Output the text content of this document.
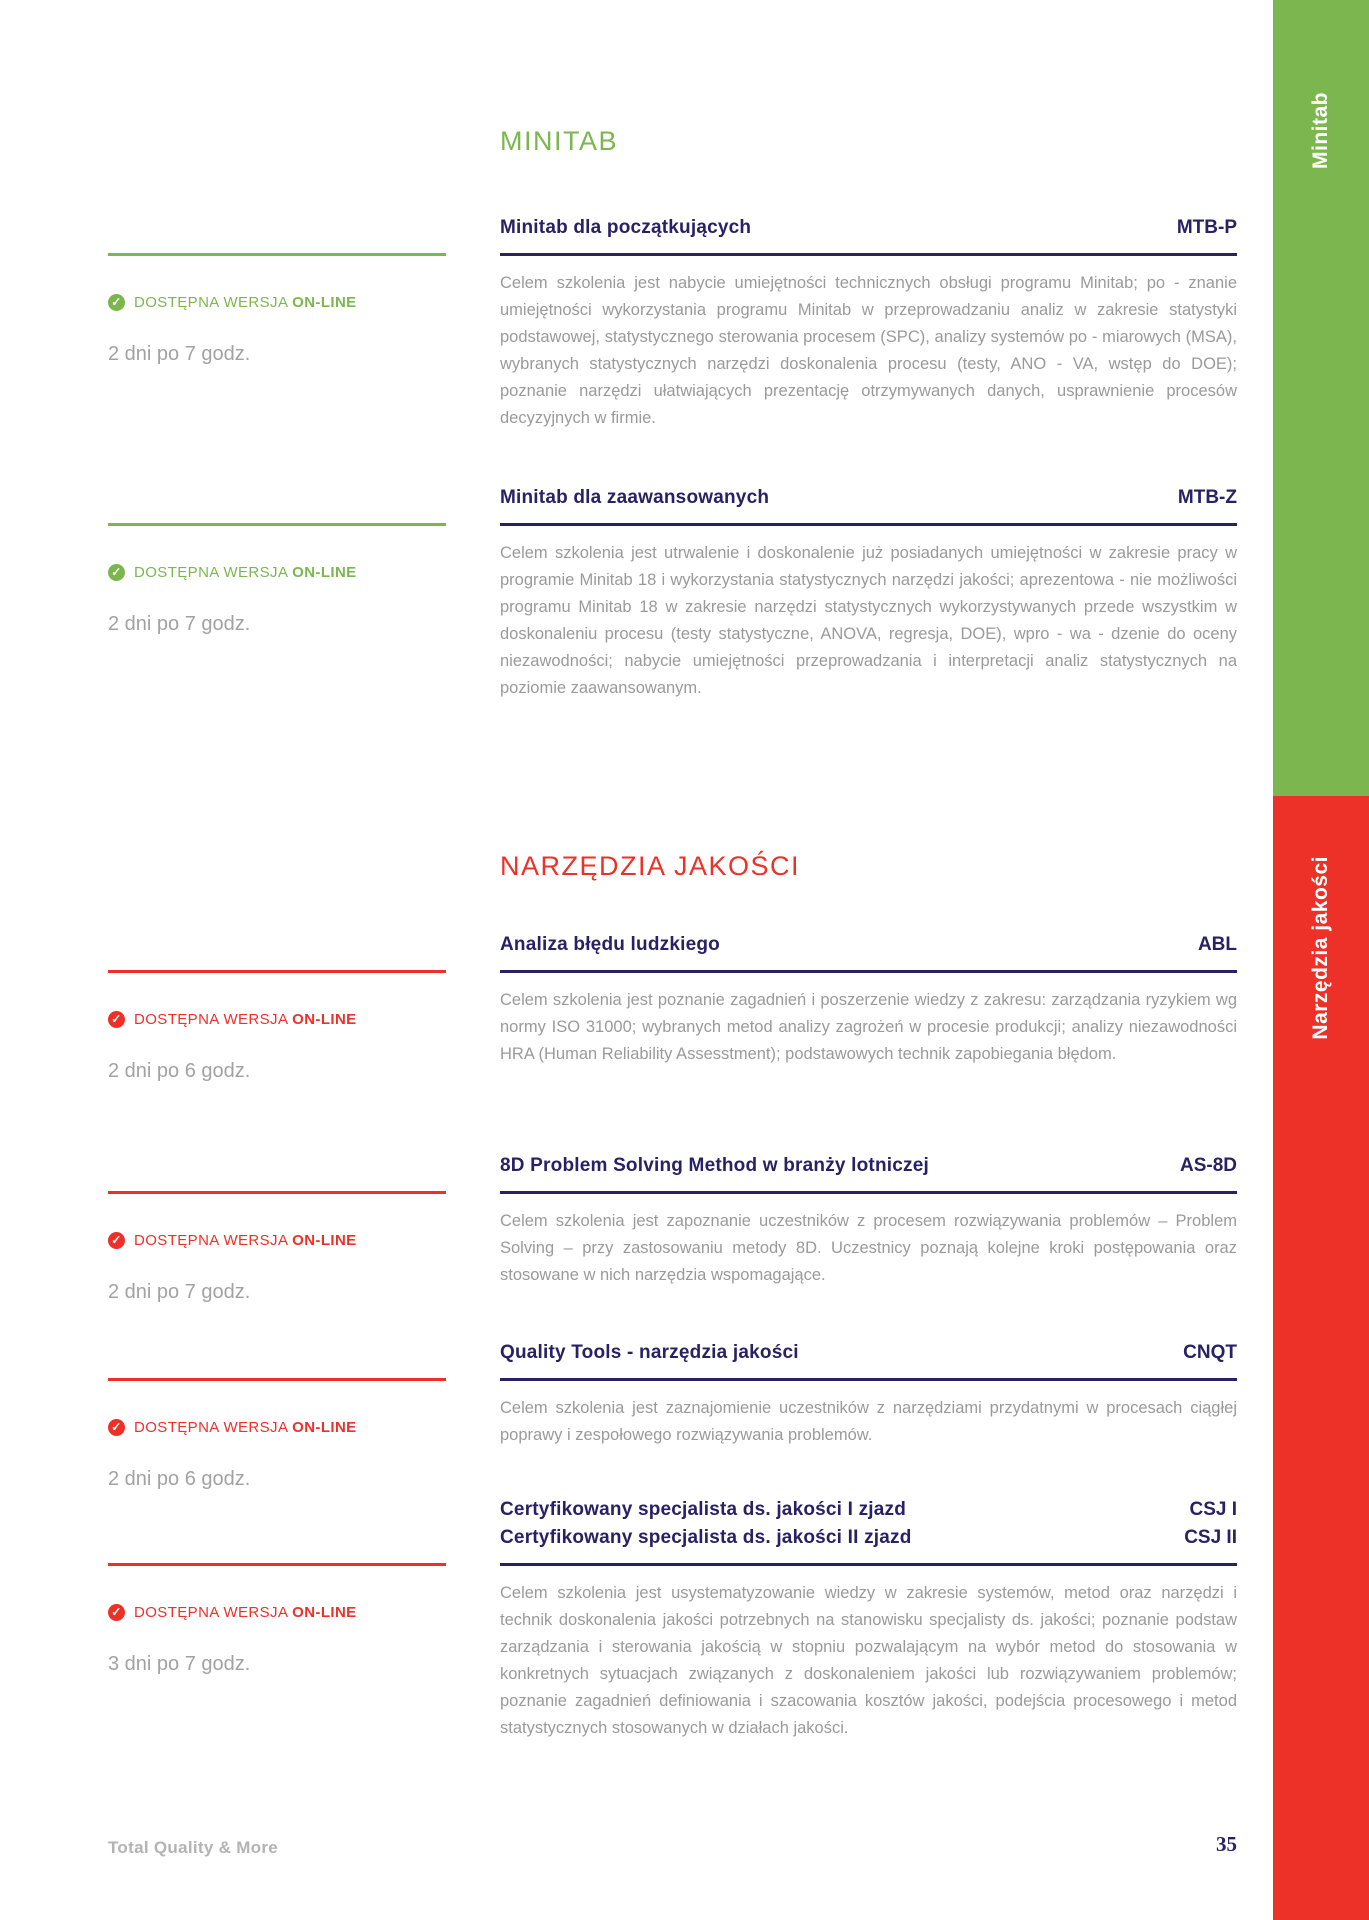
Minitab
Narzędzia jakości
MINITAB
NARZĘDZIA JAKOŚCI
Minitab dla początkujących	MTB-P

Celem szkolenia jest nabycie umiejętności technicznych obsługi programu Minitab; po - znanie umiejętności wykorzystania programu Minitab w przeprowadzaniu analiz w zakresie statystyki podstawowej, statystycznego sterowania procesem (SPC), analizy systemów po - miarowych (MSA), wybranych statystycznych narzędzi doskonalenia procesu (testy, ANO - VA, wstęp do DOE); poznanie narzędzi ułatwiających prezentację otrzymywanych danych, usprawnienie procesów decyzyjnych w firmie.

Minitab dla zaawansowanych	MTB-Z

Celem szkolenia jest utrwalenie i doskonalenie już posiadanych umiejętności w zakresie pracy w programie Minitab 18 i wykorzystania statystycznych narzędzi jakości; aprezentowa - nie możliwości programu Minitab 18 w zakresie narzędzi statystycznych wykorzystywanych przede wszystkim w doskonaleniu procesu (testy statystyczne, ANOVA, regresja, DOE), wpro - wa - dzenie do oceny niezawodności; nabycie umiejętności przeprowadzania i interpretacji analiz statystycznych na poziomie zaawansowanym.

Analiza błędu ludzkiego	ABL

Celem szkolenia jest poznanie zagadnień i poszerzenie wiedzy z zakresu: zarządzania ryzykiem wg normy ISO 31000; wybranych metod analizy zagrożeń w procesie produkcji; analizy niezawodności HRA (Human Reliability Assesstment); podstawowych technik zapobiegania błędom.

8D Problem Solving Method w branży lotniczej	AS-8D

Celem szkolenia jest zapoznanie uczestników z procesem rozwiązywania problemów – Problem Solving – przy zastosowaniu metody 8D. Uczestnicy poznają kolejne kroki postępowania oraz stosowane w nich narzędzia wspomagające.

Quality Tools - narzędzia jakości	CNQT

Celem szkolenia jest zaznajomienie uczestników z narzędziami przydatnymi w procesach ciągłej poprawy i zespołowego rozwiązywania problemów.

Certyfikowany specjalista ds. jakości I zjazd	CSJ I
Certyfikowany specjalista ds. jakości II zjazd	CSJ II

Celem szkolenia jest usystematyzowanie wiedzy w zakresie systemów, metod oraz narzędzi i technik doskonalenia jakości potrzebnych na stanowisku specjalisty ds. jakości; poznanie podstaw zarządzania i sterowania jakością w stopniu pozwalającym na wybór metod do stosowania w konkretnych sytuacjach związanych z doskonaleniem jakości lub rozwiązywaniem problemów; poznanie zagadnień definiowania i szacowania kosztów jakości, podejścia procesowego i metod statystycznych stosowanych w działach jakości.

✓ DOSTĘPNA WERSJA ON-LINE
2 dni po 7 godz.
✓ DOSTĘPNA WERSJA ON-LINE
2 dni po 7 godz.
✓ DOSTĘPNA WERSJA ON-LINE
2 dni po 6 godz.
✓ DOSTĘPNA WERSJA ON-LINE
2 dni po 7 godz.
✓ DOSTĘPNA WERSJA ON-LINE
2 dni po 6 godz.
✓ DOSTĘPNA WERSJA ON-LINE
3 dni po 7 godz.
Total Quality & More	35
